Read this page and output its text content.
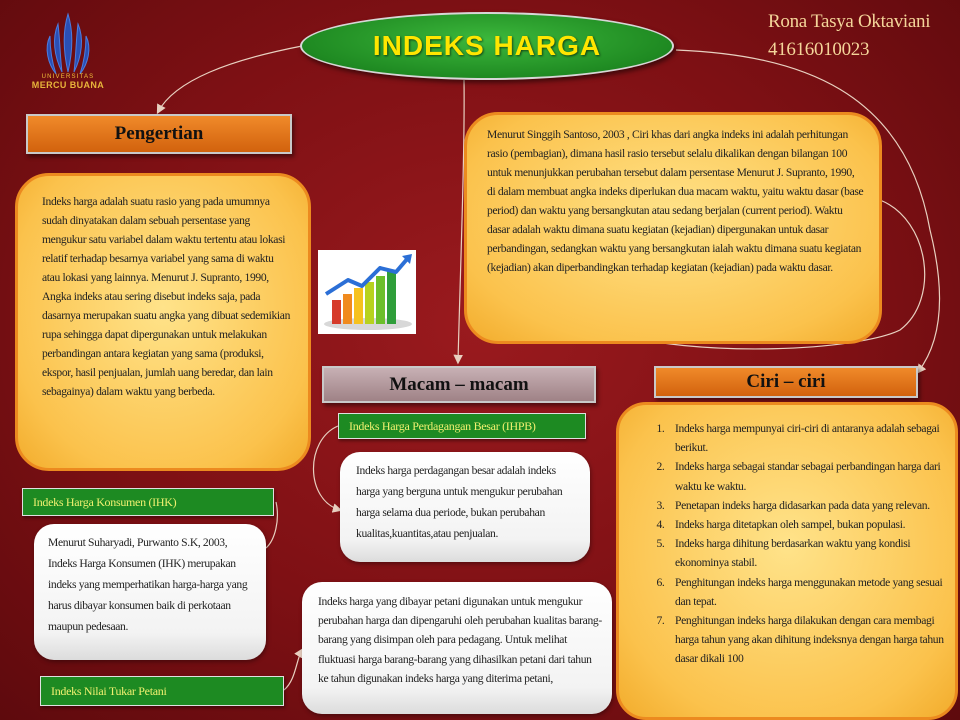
UNIVERSITAS
MERCU BUANA
INDEKS HARGA
Rona Tasya Oktaviani
41616010023
Pengertian

Indeks harga adalah suatu rasio yang pada umumnya sudah dinyatakan dalam sebuah persentase yang mengukur satu variabel dalam waktu tertentu atau lokasi relatif terhadap besarnya variabel yang sama di waktu atau lokasi yang lainnya. Menurut J. Supranto, 1990, Angka indeks atau sering disebut indeks saja, pada dasarnya merupakan suatu angka yang dibuat sedemikian rupa sehingga dapat dipergunakan untuk melakukan perbandingan antara kegiatan yang sama (produksi, ekspor, hasil penjualan, jumlah uang beredar, dan lain sebagainya) dalam waktu yang berbeda.

Menurut Singgih Santoso, 2003 , Ciri khas dari angka indeks ini adalah perhitungan rasio (pembagian), dimana hasil rasio tersebut selalu dikalikan dengan bilangan 100 untuk menunjukkan perubahan tersebut dalam persentase Menurut J. Supranto, 1990, di dalam membuat angka indeks diperlukan dua macam waktu, yaitu waktu dasar (base period) dan waktu yang bersangkutan atau sedang berjalan (current period). Waktu dasar adalah waktu dimana suatu kegiatan (kejadian) dipergunakan untuk dasar perbandingan, sedangkan waktu yang bersangkutan ialah waktu dimana suatu kegiatan (kejadian) akan diperbandingkan terhadap kegiatan (kejadian) pada waktu dasar.

Macam – macam
Indeks Harga Perdagangan Besar (IHPB)
Indeks harga perdagangan besar adalah indeks harga yang berguna untuk mengukur perubahan harga selama dua periode, bukan perubahan kualitas,kuantitas,atau penjualan.
Indeks Harga Konsumen (IHK)
Menurut Suharyadi, Purwanto S.K, 2003, Indeks Harga Konsumen (IHK) merupakan indeks yang memperhatikan harga-harga yang harus dibayar konsumen baik di perkotaan maupun pedesaan.
Indeks harga yang dibayar petani digunakan untuk mengukur perubahan harga dan dipengaruhi oleh perubahan kualitas barang-barang yang disimpan oleh para pedagang. Untuk melihat fluktuasi harga barang-barang yang dihasilkan petani dari tahun ke tahun digunakan indeks harga yang diterima petani,
Indeks Nilai Tukar Petani
Ciri – ciri
1. Indeks harga mempunyai ciri-ciri di antaranya adalah sebagai berikut.
2. Indeks harga sebagai standar sebagai perbandingan harga dari waktu ke waktu.
3. Penetapan indeks harga didasarkan pada data yang relevan.
4. Indeks harga ditetapkan oleh sampel, bukan populasi.
5. Indeks harga dihitung berdasarkan waktu yang kondisi ekonominya stabil.
6. Penghitungan indeks harga menggunakan metode yang sesuai dan tepat.
7. Penghitungan indeks harga dilakukan dengan cara membagi harga tahun yang akan dihitung indeksnya dengan harga tahun dasar dikali 100
